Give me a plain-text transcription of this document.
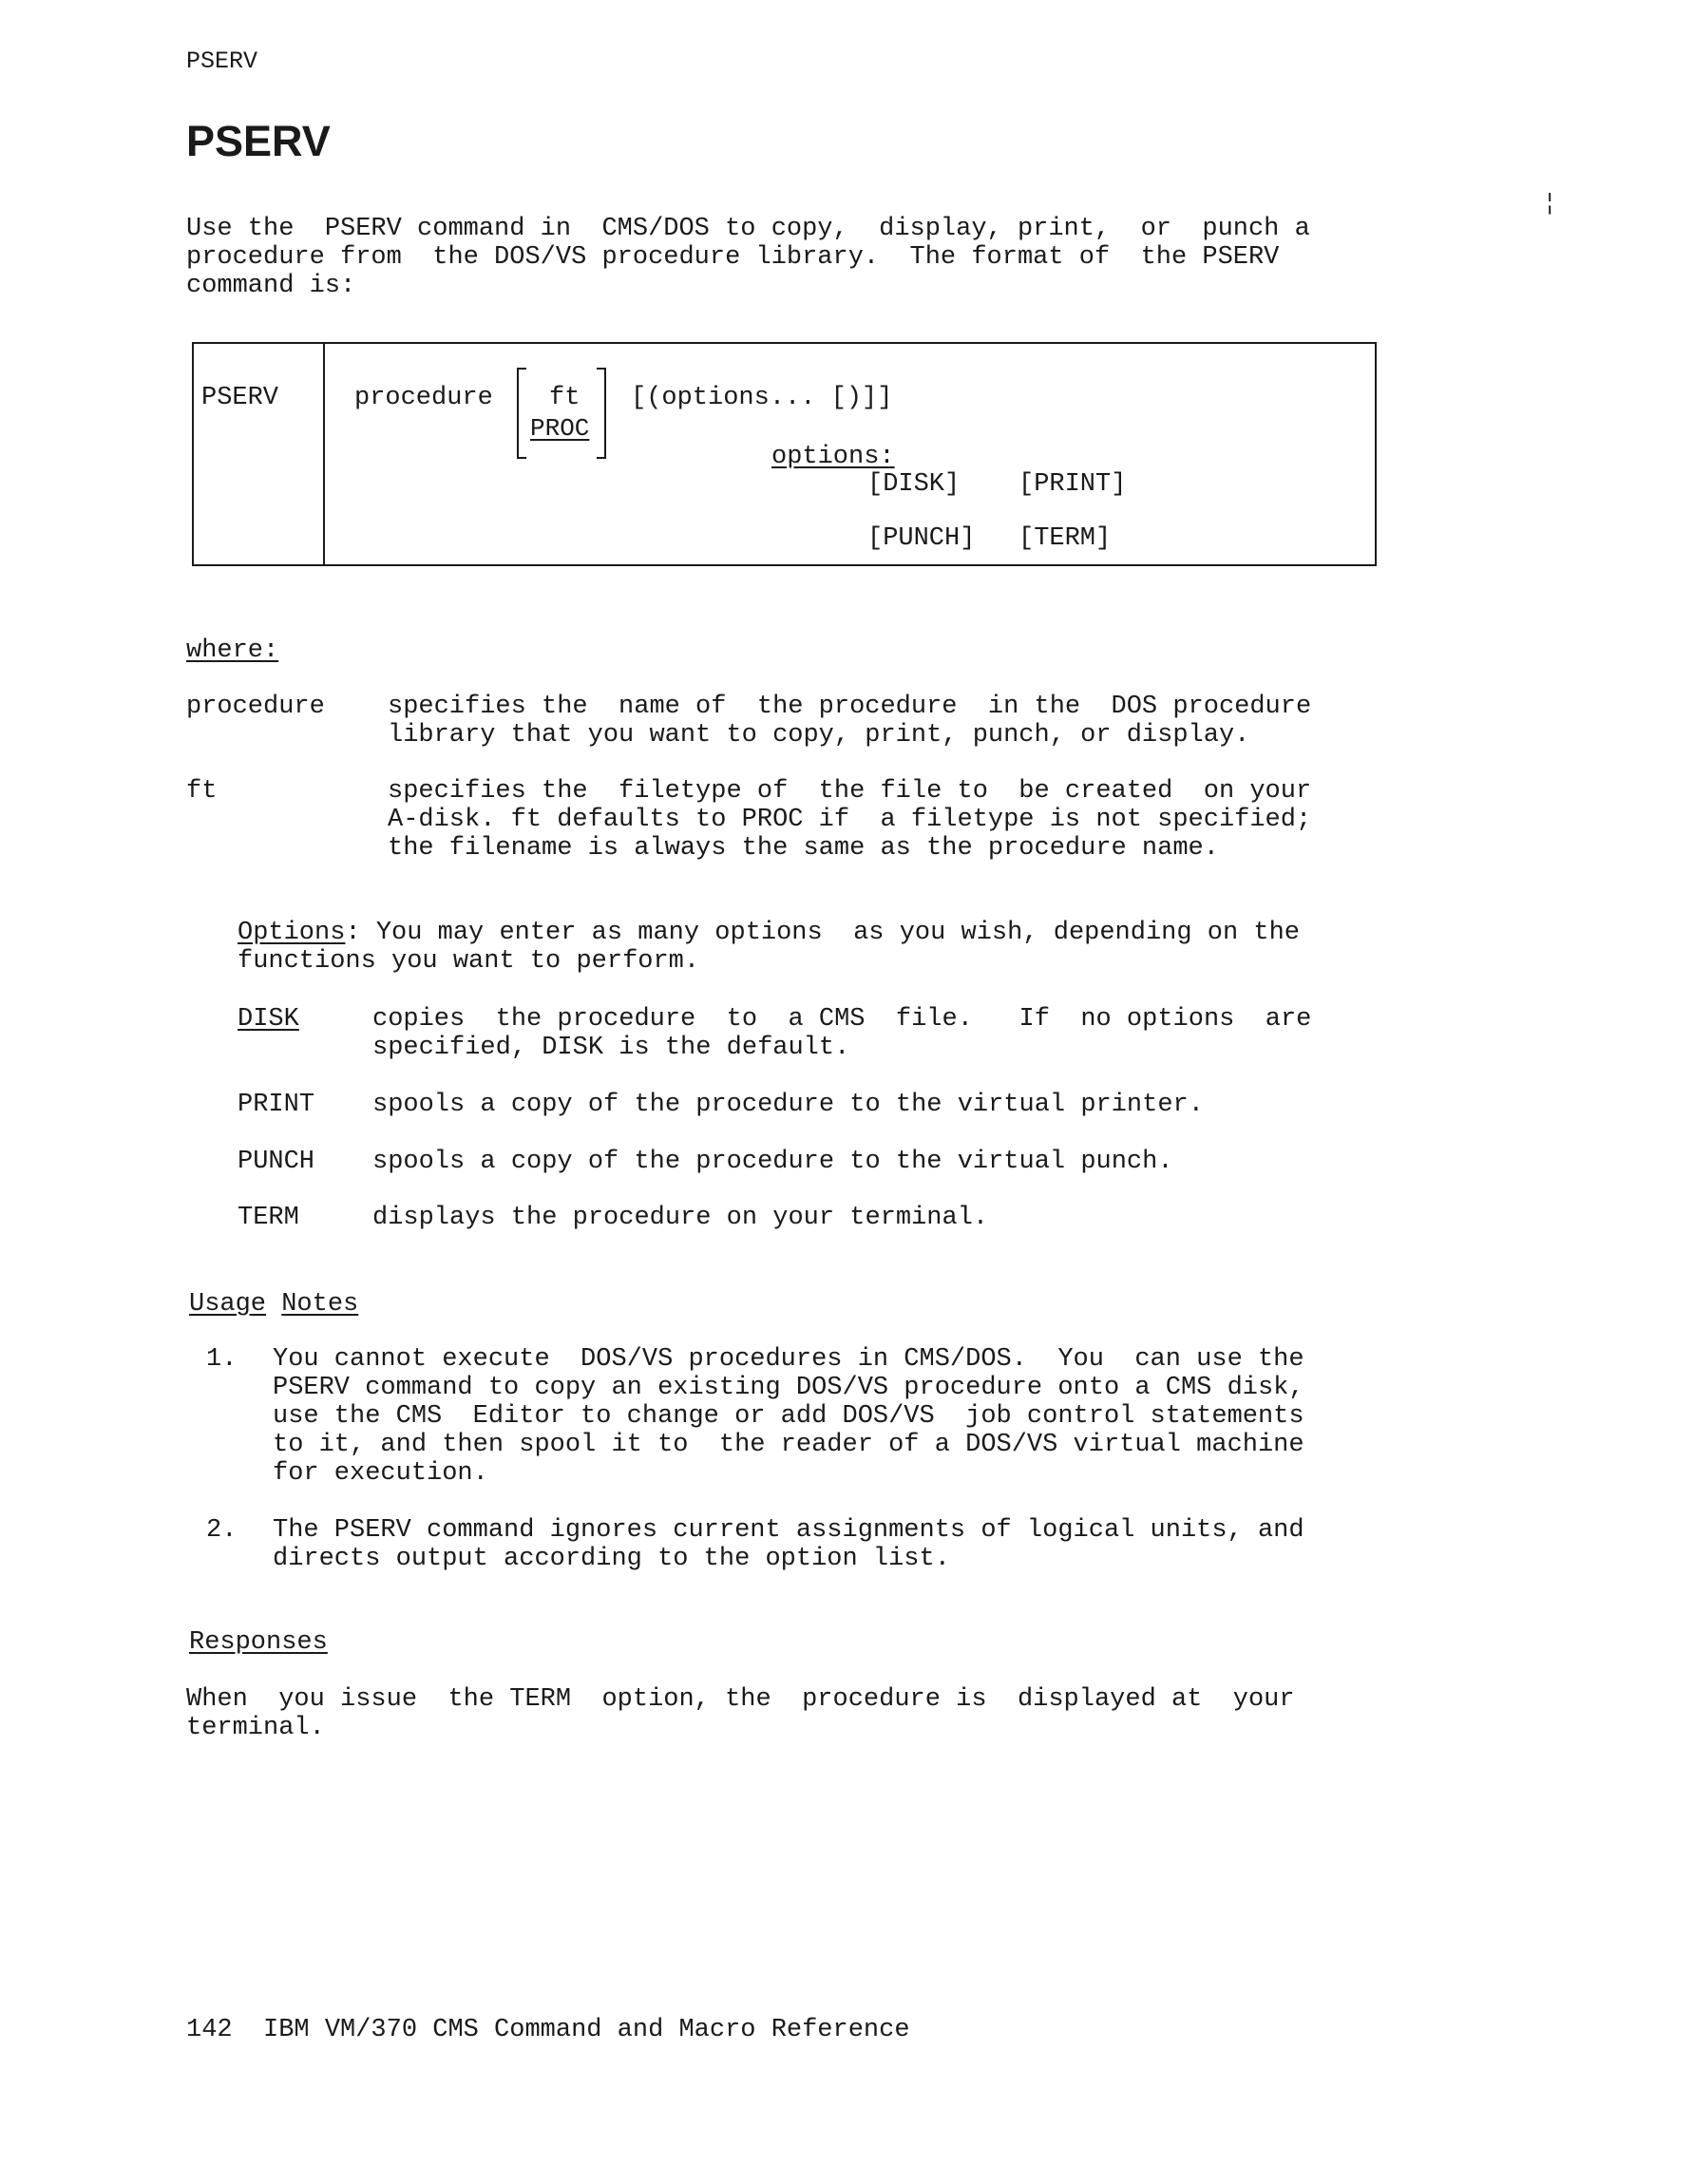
PSERV
PSERV
¦
Use the  PSERV command in  CMS/DOS to copy,  display, print,  or  punch a
procedure from  the DOS/VS procedure library.  The format of  the PSERV
command is:
PSERV	procedure ft
PROC
[(options... [)]]
options:
[DISK] [PRINT]
[PUNCH] [TERM]
where:
procedure specifies the  name of  the procedure  in the  DOS procedure
library that you want to copy, print, punch, or display.
ft	specifies the  filetype of  the file to  be created  on your
A-disk. ft defaults to PROC if  a filetype is not specified;
the filename is always the same as the procedure name.
Options: You may enter as many options  as you wish, depending on the
functions you want to perform.
DISK	copies  the procedure  to  a CMS  file.   If  no options  are
specified, DISK is the default.
PRINT spools a copy of the procedure to the virtual printer.
PUNCH spools a copy of the procedure to the virtual punch.
TERM	displays the procedure on your terminal.
Usage Notes
1. You cannot execute  DOS/VS procedures in CMS/DOS.  You  can use the
PSERV command to copy an existing DOS/VS procedure onto a CMS disk,
use the CMS  Editor to change or add DOS/VS  job control statements
to it, and then spool it to  the reader of a DOS/VS virtual machine
for execution.
2. The PSERV command ignores current assignments of logical units, and
directs output according to the option list.
Responses
When  you issue  the TERM  option, the  procedure is  displayed at  your
terminal.
142  IBM VM/370 CMS Command and Macro Reference
